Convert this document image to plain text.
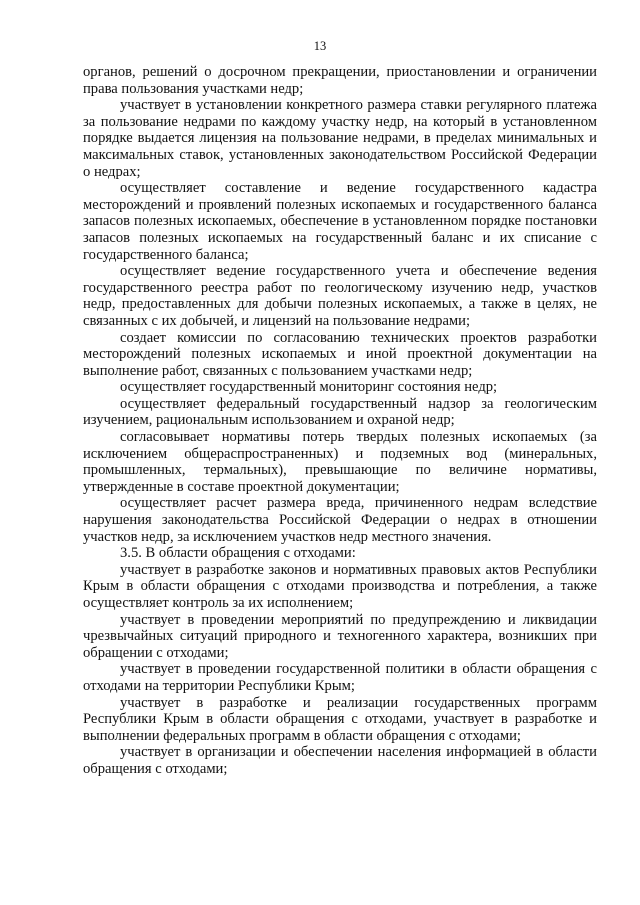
13

органов, решений о досрочном прекращении, приостановлении и ограничении права пользования участками недр;

участвует в установлении конкретного размера ставки регулярного платежа за пользование недрами по каждому участку недр, на который в установленном порядке выдается лицензия на пользование недрами, в пределах минимальных и максимальных ставок, установленных законодательством Российской Федерации о недрах;

осуществляет составление и ведение государственного кадастра месторождений и проявлений полезных ископаемых и государственного баланса запасов полезных ископаемых, обеспечение в установленном порядке постановки запасов полезных ископаемых на государственный баланс и их списание с государственного баланса;

осуществляет ведение государственного учета и обеспечение ведения государственного реестра работ по геологическому изучению недр, участков недр, предоставленных для добычи полезных ископаемых, а также в целях, не связанных с их добычей, и лицензий на пользование недрами;

создает комиссии по согласованию технических проектов разработки месторождений полезных ископаемых и иной проектной документации на выполнение работ, связанных с пользованием участками недр;

осуществляет государственный мониторинг состояния недр;

осуществляет федеральный государственный надзор за геологическим изучением, рациональным использованием и охраной недр;

согласовывает нормативы потерь твердых полезных ископаемых (за исключением общераспространенных) и подземных вод (минеральных, промышленных, термальных), превышающие по величине нормативы, утвержденные в составе проектной документации;

осуществляет расчет размера вреда, причиненного недрам вследствие нарушения законодательства Российской Федерации о недрах в отношении участков недр, за исключением участков недр местного значения.

3.5. В области обращения с отходами:

участвует в разработке законов и нормативных правовых актов Республики Крым в области обращения с отходами производства и потребления, а также осуществляет контроль за их исполнением;

участвует в проведении мероприятий по предупреждению и ликвидации чрезвычайных ситуаций природного и техногенного характера, возникших при обращении с отходами;

участвует в проведении государственной политики в области обращения с отходами на территории Республики Крым;

участвует в разработке и реализации государственных программ Республики Крым в области обращения с отходами, участвует в разработке и выполнении федеральных программ в области обращения с отходами;

участвует в организации и обеспечении населения информацией в области обращения с отходами;
